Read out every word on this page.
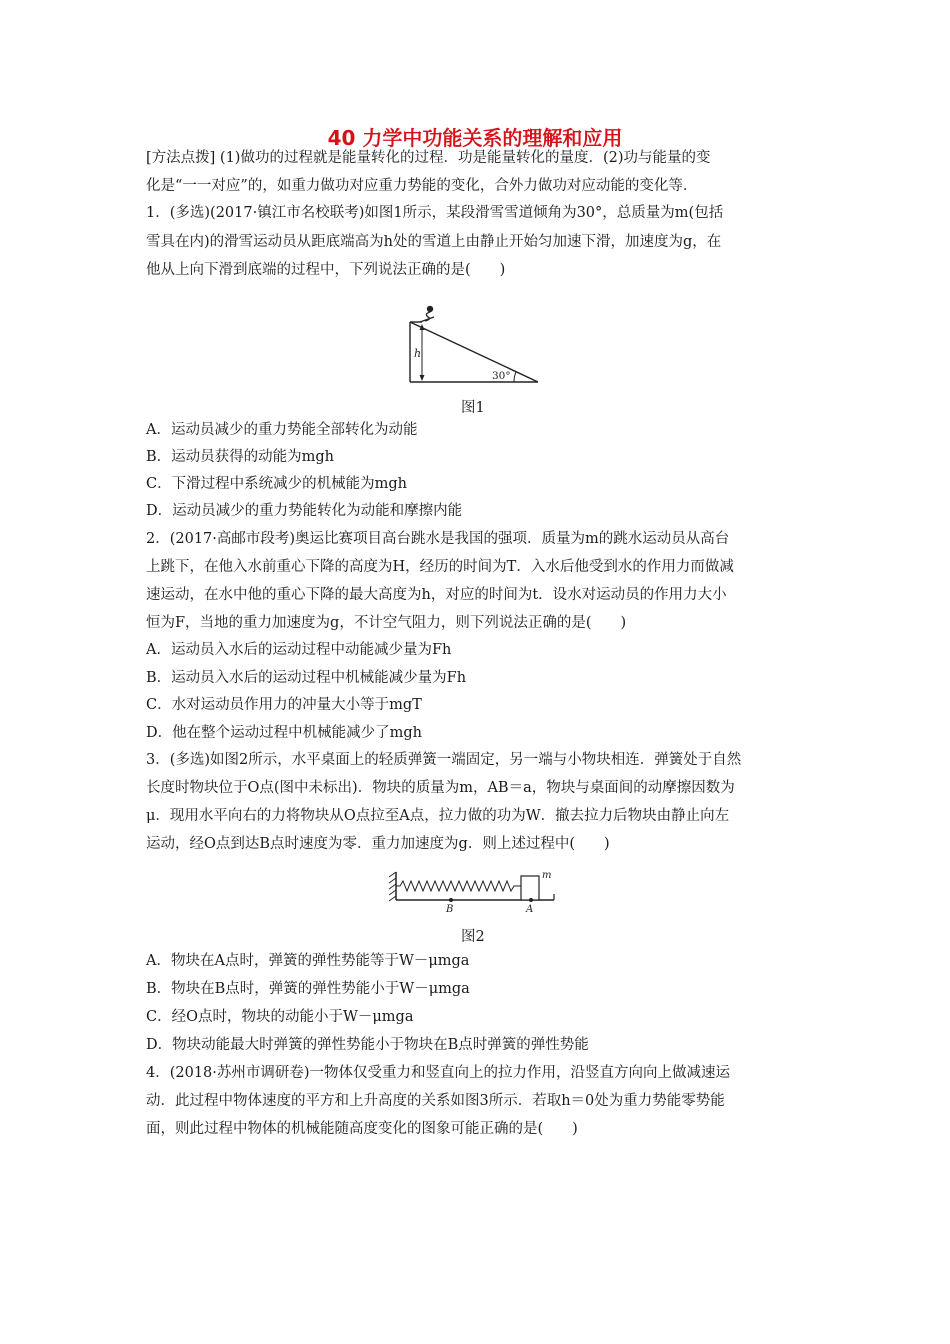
40 力学中功能关系的理解和应用
[方法点拨] (1)做功的过程就是能量转化的过程．功是能量转化的量度．(2)功与能量的变
化是“一一对应”的，如重力做功对应重力势能的变化，合外力做功对应动能的变化等．
1．(多选)(2017·镇江市名校联考)如图1所示，某段滑雪雪道倾角为30°，总质量为m(包括
雪具在内)的滑雪运动员从距底端高为h处的雪道上由静止开始匀加速下滑，加速度为g，在
他从上向下滑到底端的过程中，下列说法正确的是(　　)
h
30°
图1
A．运动员减少的重力势能全部转化为动能
B．运动员获得的动能为mgh
C．下滑过程中系统减少的机械能为mgh
D．运动员减少的重力势能转化为动能和摩擦内能
2．(2017·高邮市段考)奥运比赛项目高台跳水是我国的强项．质量为m的跳水运动员从高台
上跳下，在他入水前重心下降的高度为H，经历的时间为T．入水后他受到水的作用力而做减
速运动，在水中他的重心下降的最大高度为h，对应的时间为t．设水对运动员的作用力大小
恒为F，当地的重力加速度为g，不计空气阻力，则下列说法正确的是(　　)
A．运动员入水后的运动过程中动能减少量为Fh
B．运动员入水后的运动过程中机械能减少量为Fh
C．水对运动员作用力的冲量大小等于mgT
D．他在整个运动过程中机械能减少了mgh
3．(多选)如图2所示，水平桌面上的轻质弹簧一端固定，另一端与小物块相连．弹簧处于自然
长度时物块位于O点(图中未标出)．物块的质量为m，AB＝a，物块与桌面间的动摩擦因数为
μ．现用水平向右的力将物块从O点拉至A点，拉力做的功为W．撤去拉力后物块由静止向左
运动，经O点到达B点时速度为零．重力加速度为g．则上述过程中(　　)
m
B	A
图2
A．物块在A点时，弹簧的弹性势能等于W－μmga
B．物块在B点时，弹簧的弹性势能小于W－μmga
C．经O点时，物块的动能小于W－μmga
D．物块动能最大时弹簧的弹性势能小于物块在B点时弹簧的弹性势能
4．(2018·苏州市调研卷)一物体仅受重力和竖直向上的拉力作用，沿竖直方向向上做减速运
动．此过程中物体速度的平方和上升高度的关系如图3所示．若取h＝0处为重力势能零势能
面，则此过程中物体的机械能随高度变化的图象可能正确的是(　　)
